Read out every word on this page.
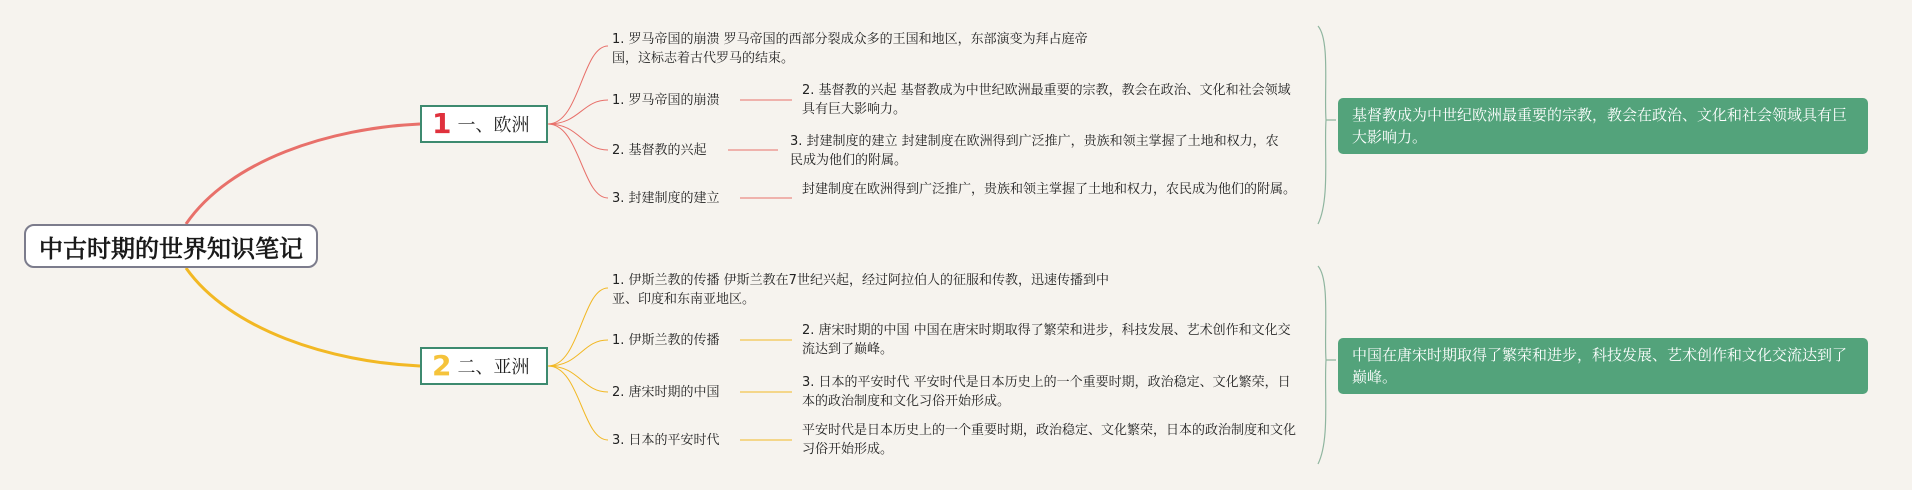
中古时期的世界知识笔记
1 一、欧洲
1. 罗马帝国的崩溃 罗马帝国的西部分裂成众多的王国和地区，东部演变为拜占庭帝国，这标志着古代罗马的结束。
1. 罗马帝国的崩溃
2. 基督教的兴起
3. 封建制度的建立
2. 基督教的兴起 基督教成为中世纪欧洲最重要的宗教，教会在政治、文化和社会领域具有巨大影响力。
3. 封建制度的建立 封建制度在欧洲得到广泛推广，贵族和领主掌握了土地和权力，农民成为他们的附属。
封建制度在欧洲得到广泛推广，贵族和领主掌握了土地和权力，农民成为他们的附属。
基督教成为中世纪欧洲最重要的宗教，教会在政治、文化和社会领域具有巨大影响力。
2 二、亚洲
1. 伊斯兰教的传播 伊斯兰教在7世纪兴起，经过阿拉伯人的征服和传教，迅速传播到中亚、印度和东南亚地区。
1. 伊斯兰教的传播
2. 唐宋时期的中国
3. 日本的平安时代
2. 唐宋时期的中国 中国在唐宋时期取得了繁荣和进步，科技发展、艺术创作和文化交流达到了巅峰。
3. 日本的平安时代 平安时代是日本历史上的一个重要时期，政治稳定、文化繁荣，日本的政治制度和文化习俗开始形成。
平安时代是日本历史上的一个重要时期，政治稳定、文化繁荣，日本的政治制度和文化习俗开始形成。
中国在唐宋时期取得了繁荣和进步，科技发展、艺术创作和文化交流达到了巅峰。
